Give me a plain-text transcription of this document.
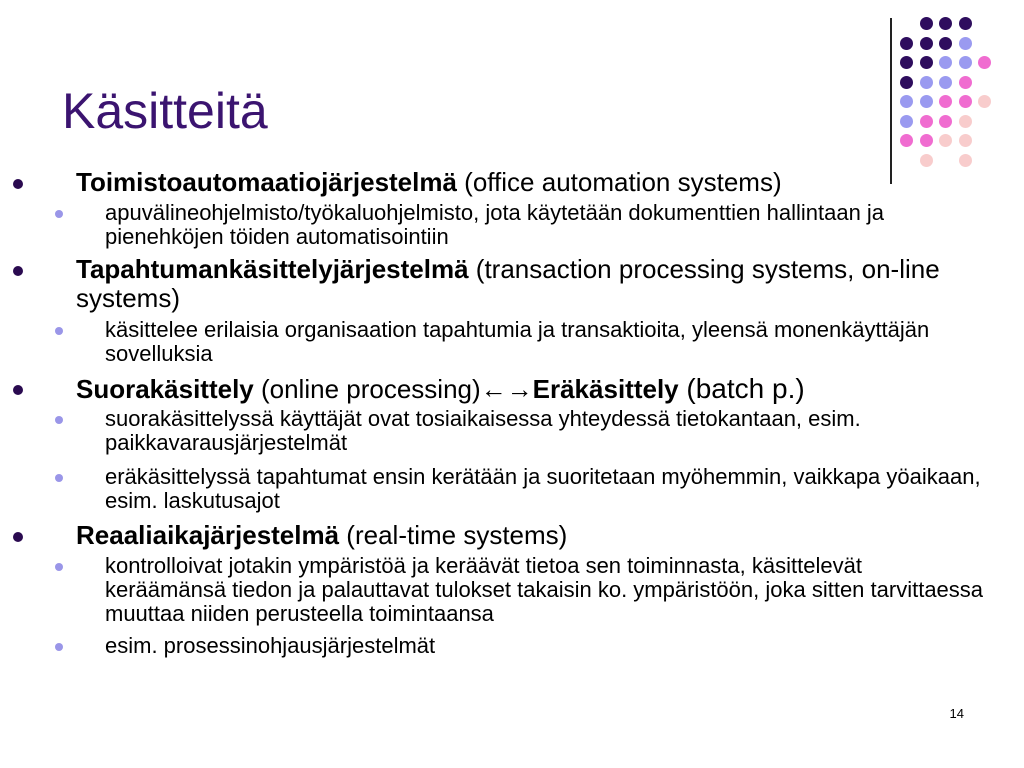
Käsitteitä
Toimistoautomaatiojärjestelmä (office automation systems)
apuvälineohjelmisto/työkaluohjelmisto, jota käytetään dokumenttien hallintaan ja pienehköjen töiden automatisointiin
Tapahtumankäsittelyjärjestelmä (transaction processing systems, on-line systems)
käsittelee erilaisia organisaation tapahtumia ja transaktioita, yleensä monenkäyttäjän sovelluksia
Suorakäsittely (online processing)←→Eräkäsittely (batch p.)
suorakäsittelyssä käyttäjät ovat tosiaikaisessa yhteydessä tietokantaan, esim. paikkavarausjärjestelmät
eräkäsittelyssä tapahtumat ensin kerätään ja suoritetaan myöhemmin, vaikkapa yöaikaan, esim. laskutusajot
Reaaliaikajärjestelmä (real-time systems)
kontrolloivat jotakin ympäristöä ja keräävät tietoa sen toiminnasta, käsittelevät keräämänsä tiedon ja palauttavat tulokset takaisin ko. ympäristöön, joka sitten tarvittaessa muuttaa niiden perusteella toimintaansa
esim. prosessinohjausjärjestelmät
14
